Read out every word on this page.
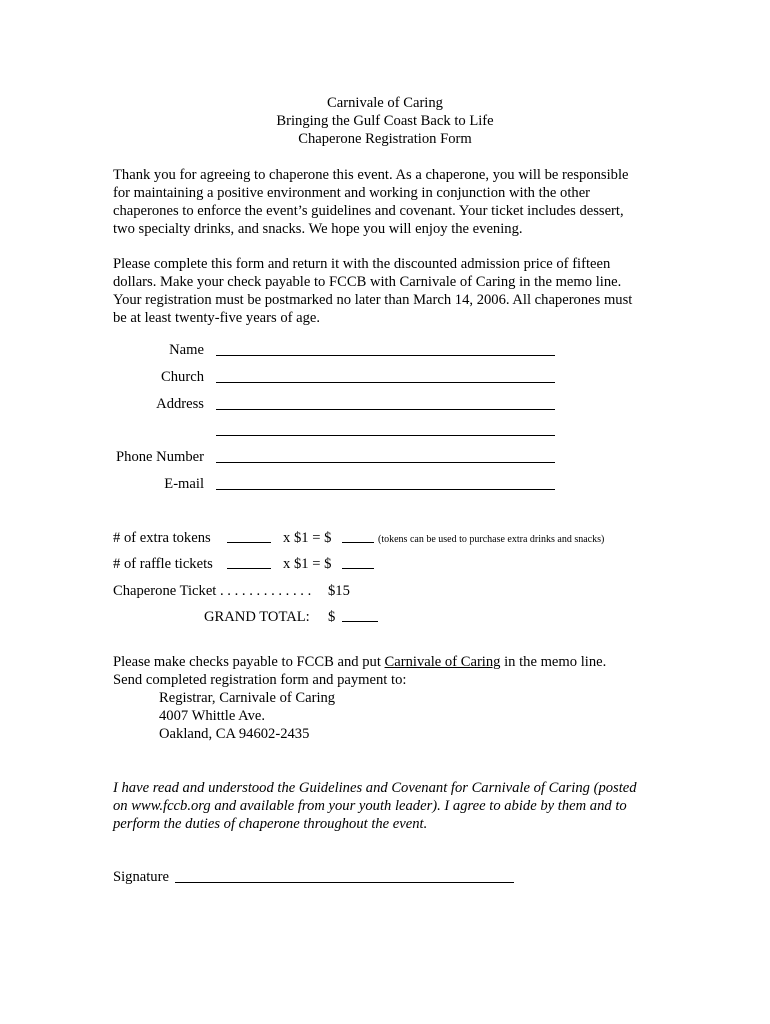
Carnivale of Caring
Bringing the Gulf Coast Back to Life
Chaperone Registration Form
Thank you for agreeing to chaperone this event. As a chaperone, you will be responsible
for maintaining a positive environment and working in conjunction with the other
chaperones to enforce the event’s guidelines and covenant. Your ticket includes dessert,
two specialty drinks, and snacks. We hope you will enjoy the evening.
Please complete this form and return it with the discounted admission price of fifteen
dollars. Make your check payable to FCCB with Carnivale of Caring in the memo line.
Your registration must be postmarked no later than March 14, 2006. All chaperones must
be at least twenty-five years of age.
Name
Church
Address
Phone Number
E-mail
# of extra tokens	x $1 = $	(tokens can be used to purchase extra drinks and snacks)
# of raffle tickets	x $1 = $
Chaperone Ticket . . . . . . . . . . . . . $15
GRAND TOTAL: $
Please make checks payable to FCCB and put Carnivale of Caring in the memo line.
Send completed registration form and payment to:
Registrar, Carnivale of Caring
4007 Whittle Ave.
Oakland, CA 94602-2435
I have read and understood the Guidelines and Covenant for Carnivale of Caring (posted
on www.fccb.org and available from your youth leader). I agree to abide by them and to
perform the duties of chaperone throughout the event.
Signature
